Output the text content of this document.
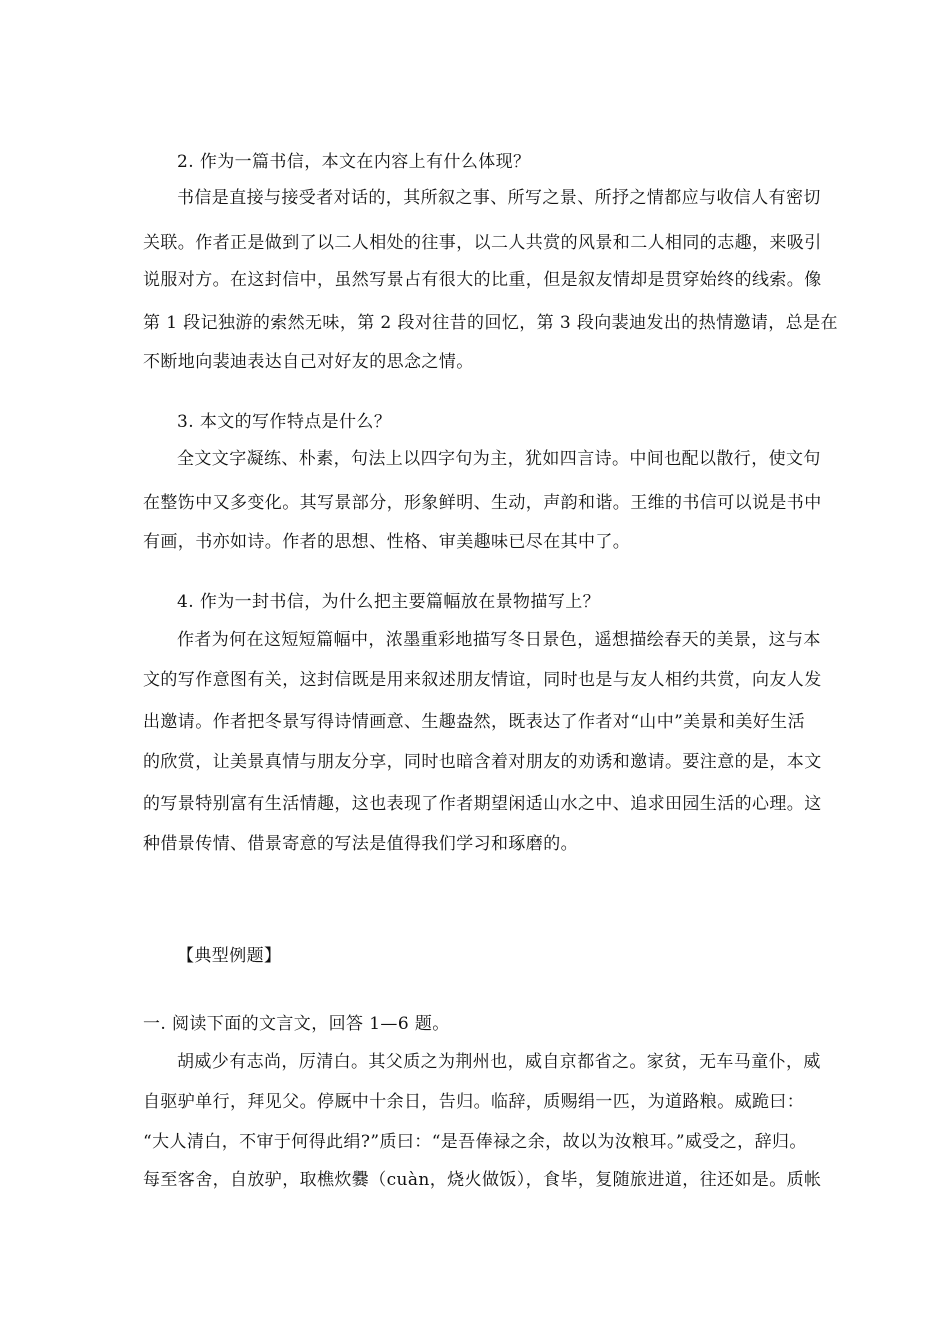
2. 作为一篇书信，本文在内容上有什么体现？
书信是直接与接受者对话的，其所叙之事、所写之景、所抒之情都应与收信人有密切
关联。作者正是做到了以二人相处的往事，以二人共赏的风景和二人相同的志趣，来吸引
说服对方。在这封信中，虽然写景占有很大的比重，但是叙友情却是贯穿始终的线索。像
第 1 段记独游的索然无味，第 2 段对往昔的回忆，第 3 段向裴迪发出的热情邀请，总是在
不断地向裴迪表达自己对好友的思念之情。
3. 本文的写作特点是什么？
全文文字凝练、朴素，句法上以四字句为主，犹如四言诗。中间也配以散行，使文句
在整饬中又多变化。其写景部分，形象鲜明、生动，声韵和谐。王维的书信可以说是书中
有画，书亦如诗。作者的思想、性格、审美趣味已尽在其中了。
4. 作为一封书信，为什么把主要篇幅放在景物描写上？
作者为何在这短短篇幅中，浓墨重彩地描写冬日景色，遥想描绘春天的美景，这与本
文的写作意图有关，这封信既是用来叙述朋友情谊，同时也是与友人相约共赏，向友人发
出邀请。作者把冬景写得诗情画意、生趣盎然，既表达了作者对“山中”美景和美好生活
的欣赏，让美景真情与朋友分享，同时也暗含着对朋友的劝诱和邀请。要注意的是，本文
的写景特别富有生活情趣，这也表现了作者期望闲适山水之中、追求田园生活的心理。这
种借景传情、借景寄意的写法是值得我们学习和琢磨的。
【典型例题】
一. 阅读下面的文言文，回答 1—6 题。
胡威少有志尚，厉清白。其父质之为荆州也，威自京都省之。家贫，无车马童仆，威
自驱驴单行，拜见父。停厩中十余日，告归。临辞，质赐绢一匹，为道路粮。威跪曰：
“大人清白，不审于何得此绢?”质曰：“是吾俸禄之余，故以为汝粮耳。”威受之，辞归。
每至客舍，自放驴，取樵炊爨（cuàn，烧火做饭），食毕，复随旅进道，往还如是。质帐
